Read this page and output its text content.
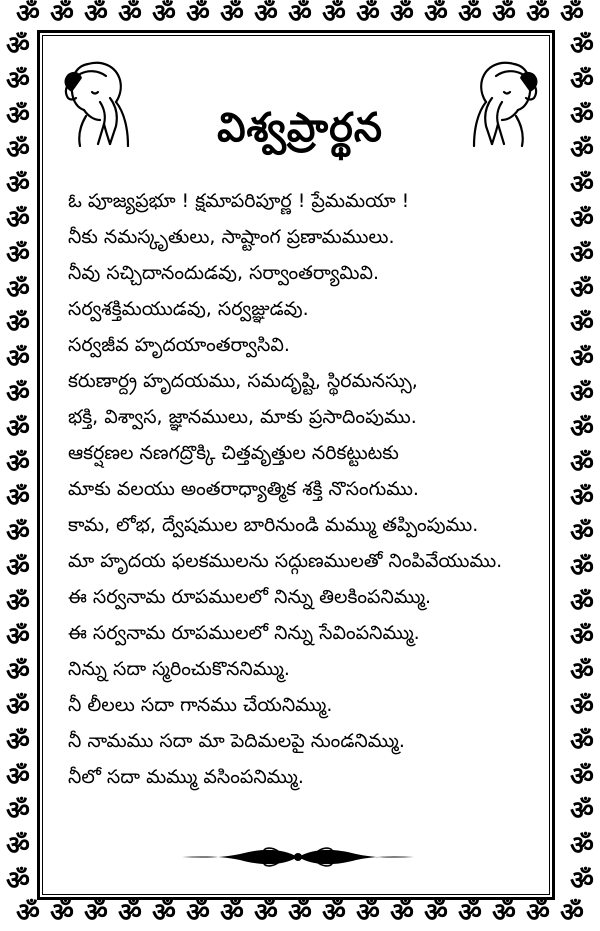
ॐ
ॐ
ॐ
ॐ
ॐ
ॐ
ॐ
ॐ
ॐ
ॐ
ॐ
ॐ
ॐ
ॐ
ॐ
ॐ
ॐ
ॐ
ॐ
ॐ
ॐ
ॐ
ॐ
ॐ
ॐ
ॐ
ॐ
ॐ
ॐ
ॐ
ॐ
ॐ
ॐ
ॐ
ॐ	ॐ
ॐ	ॐ
ॐ	ॐ
ॐ	ॐ
ॐ	ॐ
ॐ	ॐ
ॐ	ॐ
ॐ	ॐ
ॐ	ॐ
ॐ	ॐ
ॐ	ॐ
ॐ	ॐ
ॐ	ॐ
ॐ	ॐ
ॐ	ॐ
ॐ	ॐ
ॐ	ॐ
ॐ	ॐ
ॐ	ॐ
ॐ	ॐ
ॐ	ॐ
ॐ	ॐ
ॐ	ॐ
ॐ	ॐ
ॐ	ॐ
విశ్వప్రార్థన
ఓ పూజ్యప్రభూ ! క్షమాపరిపూర్ణ ! ప్రేమమయా !
నీకు నమస్కృతులు, సాష్టాంగ ప్రణామములు.
నీవు సచ్చిదానందుడవు, సర్వాంతర్యామివి.
సర్వశక్తిమయుడవు, సర్వజ్ఞుడవు.
సర్వజీవ హృదయాంతర్వాసివి.
కరుణార్ద్ర హృదయము, సమదృష్టి, స్థిరమనస్సు,
భక్తి, విశ్వాస, జ్ఞానములు, మాకు ప్రసాదింపుము.
ఆకర్షణల నణగద్రొక్కి చిత్తవృత్తుల నరికట్టుటకు
మాకు వలయు అంతరాధ్యాత్మిక శక్తి నొసంగుము.
కామ, లోభ, ద్వేషముల బారినుండి మమ్ము తప్పింపుము.
మా హృదయ ఫలకములను సద్గుణములతో నింపివేయుము.
ఈ సర్వనామ రూపములలో నిన్ను తిలకింపనిమ్ము.
ఈ సర్వనామ రూపములలో నిన్ను సేవింపనిమ్ము.
నిన్ను సదా స్మరించుకొననిమ్ము.
నీ లీలలు సదా గానము చేయనిమ్ము.
నీ నామము సదా మా పెదిమలపై నుండనిమ్ము.
నీలో సదా మమ్ము వసింపనిమ్ము.
